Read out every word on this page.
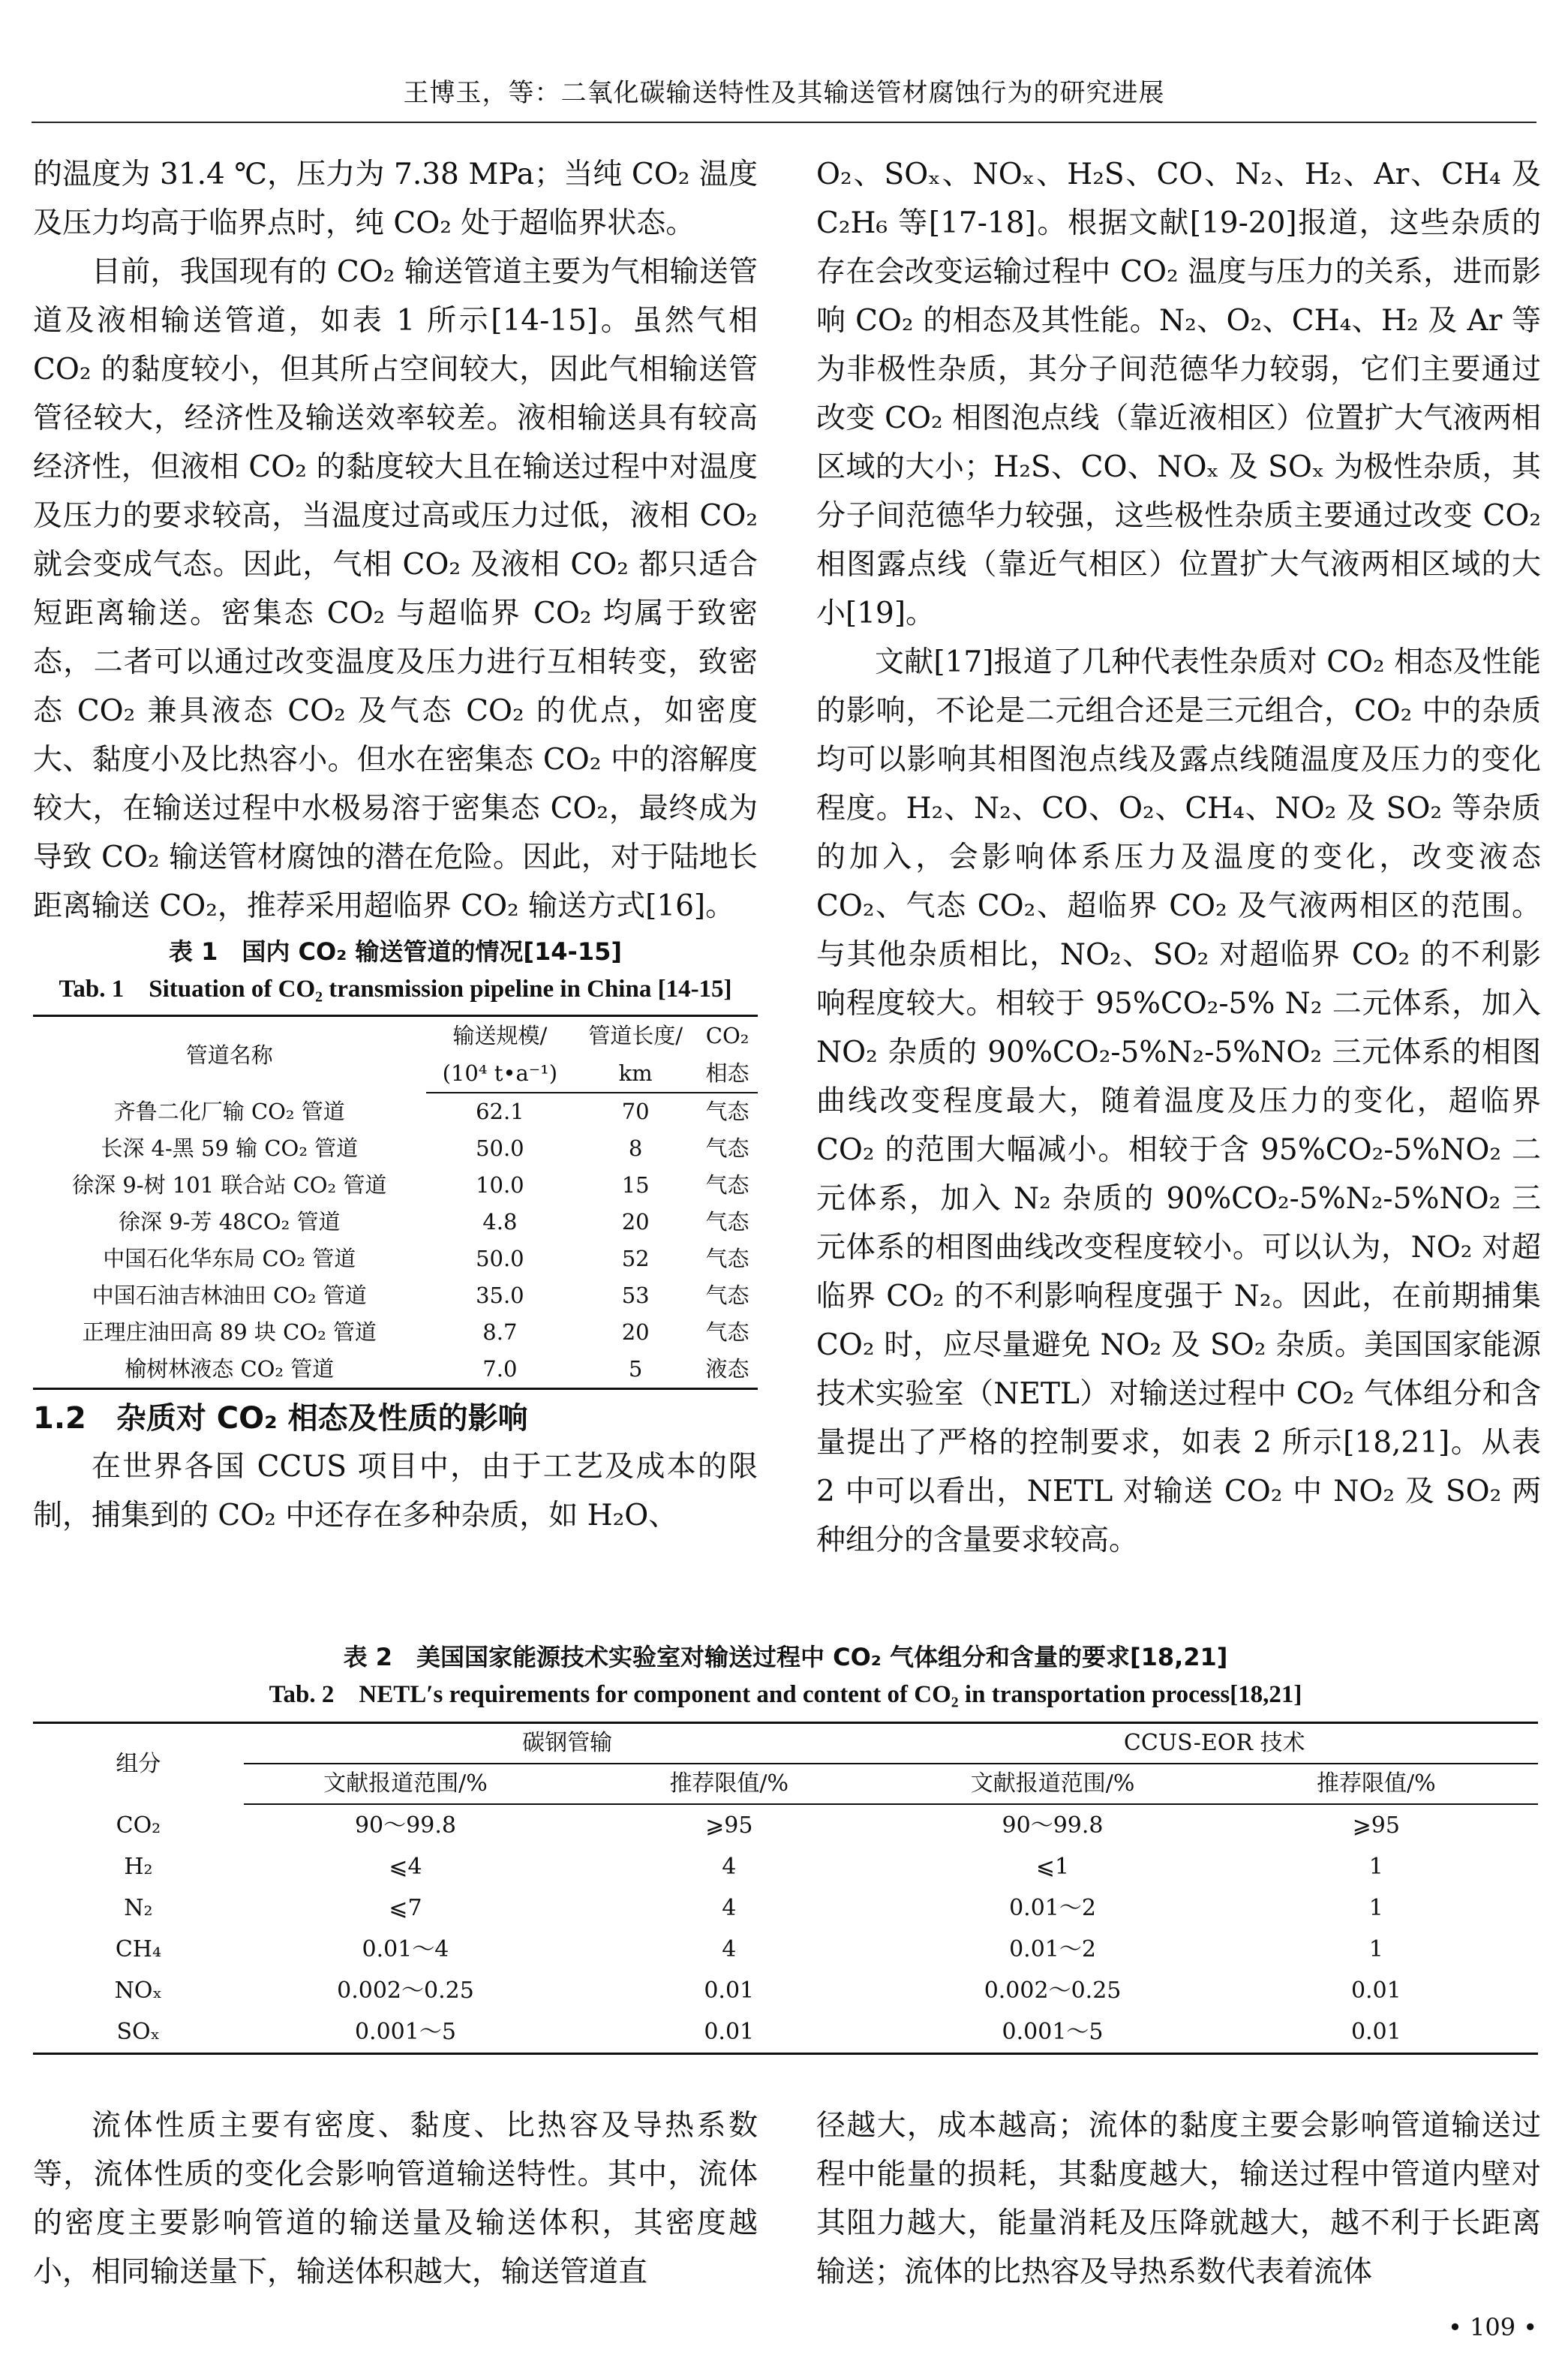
王博玉，等：二氧化碳输送特性及其输送管材腐蚀行为的研究进展

的温度为 31.4 ℃，压力为 7.38 MPa；当纯 CO₂ 温度及压力均高于临界点时，纯 CO₂ 处于超临界状态。

目前，我国现有的 CO₂ 输送管道主要为气相输送管道及液相输送管道，如表 1 所示[14-15]。虽然气相 CO₂ 的黏度较小，但其所占空间较大，因此气相输送管管径较大，经济性及输送效率较差。液相输送具有较高经济性，但液相 CO₂ 的黏度较大且在输送过程中对温度及压力的要求较高，当温度过高或压力过低，液相 CO₂ 就会变成气态。因此，气相 CO₂ 及液相 CO₂ 都只适合短距离输送。密集态 CO₂ 与超临界 CO₂ 均属于致密态，二者可以通过改变温度及压力进行互相转变，致密态 CO₂ 兼具液态 CO₂ 及气态 CO₂ 的优点，如密度大、黏度小及比热容小。但水在密集态 CO₂ 中的溶解度较大，在输送过程中水极易溶于密集态 CO₂，最终成为导致 CO₂ 输送管材腐蚀的潜在危险。因此，对于陆地长距离输送 CO₂，推荐采用超临界 CO₂ 输送方式[16]。

表 1　国内 CO₂ 输送管道的情况[14-15]
Tab. 1　Situation of CO₂ transmission pipeline in China [14-15]
管道名称	输送规模/	管道长度/	CO₂
	(10⁴ t•a⁻¹)	km	相态
齐鲁二化厂输 CO₂ 管道	62.1	70	气态
长深 4-黑 59 输 CO₂ 管道	50.0	8	气态
徐深 9-树 101 联合站 CO₂ 管道	10.0	15	气态
徐深 9-芳 48CO₂ 管道	4.8	20	气态
中国石化华东局 CO₂ 管道	50.0	52	气态
中国石油吉林油田 CO₂ 管道	35.0	53	气态
正理庄油田高 89 块 CO₂ 管道	8.7	20	气态
榆树林液态 CO₂ 管道	7.0	5	液态
1.2　杂质对 CO₂ 相态及性质的影响

在世界各国 CCUS 项目中，由于工艺及成本的限制，捕集到的 CO₂ 中还存在多种杂质，如 H₂O、

O₂、SOₓ、NOₓ、H₂S、CO、N₂、H₂、Ar、CH₄ 及 C₂H₆ 等[17-18]。根据文献[19-20]报道，这些杂质的存在会改变运输过程中 CO₂ 温度与压力的关系，进而影响 CO₂ 的相态及其性能。N₂、O₂、CH₄、H₂ 及 Ar 等为非极性杂质，其分子间范德华力较弱，它们主要通过改变 CO₂ 相图泡点线（靠近液相区）位置扩大气液两相区域的大小；H₂S、CO、NOₓ 及 SOₓ 为极性杂质，其分子间范德华力较强，这些极性杂质主要通过改变 CO₂ 相图露点线（靠近气相区）位置扩大气液两相区域的大小[19]。

文献[17]报道了几种代表性杂质对 CO₂ 相态及性能的影响，不论是二元组合还是三元组合，CO₂ 中的杂质均可以影响其相图泡点线及露点线随温度及压力的变化程度。H₂、N₂、CO、O₂、CH₄、NO₂ 及 SO₂ 等杂质的加入，会影响体系压力及温度的变化，改变液态 CO₂、气态 CO₂、超临界 CO₂ 及气液两相区的范围。与其他杂质相比，NO₂、SO₂ 对超临界 CO₂ 的不利影响程度较大。相较于 95%CO₂-5% N₂ 二元体系，加入 NO₂ 杂质的 90%CO₂-5%N₂-5%NO₂ 三元体系的相图曲线改变程度最大，随着温度及压力的变化，超临界 CO₂ 的范围大幅减小。相较于含 95%CO₂-5%NO₂ 二元体系，加入 N₂ 杂质的 90%CO₂-5%N₂-5%NO₂ 三元体系的相图曲线改变程度较小。可以认为，NO₂ 对超临界 CO₂ 的不利影响程度强于 N₂。因此，在前期捕集 CO₂ 时，应尽量避免 NO₂ 及 SO₂ 杂质。美国国家能源技术实验室（NETL）对输送过程中 CO₂ 气体组分和含量提出了严格的控制要求，如表 2 所示[18,21]。从表 2 中可以看出，NETL 对输送 CO₂ 中 NO₂ 及 SO₂ 两种组分的含量要求较高。

表 2　美国国家能源技术实验室对输送过程中 CO₂ 气体组分和含量的要求[18,21]
Tab. 2　NETL′s requirements for component and content of CO₂ in transportation process[18,21]
组分	碳钢管输		CCUS-EOR 技术	
	文献报道范围/%	推荐限值/%	文献报道范围/%	推荐限值/%
CO₂	90～99.8	⩾95	90～99.8	⩾95
H₂	⩽4	4	⩽1	1
N₂	⩽7	4	0.01～2	1
CH₄	0.01～4	4	0.01～2	1
NOₓ	0.002～0.25	0.01	0.002～0.25	0.01
SOₓ	0.001～5	0.01	0.001～5	0.01

流体性质主要有密度、黏度、比热容及导热系数等，流体性质的变化会影响管道输送特性。其中，流体的密度主要影响管道的输送量及输送体积，其密度越小，相同输送量下，输送体积越大，输送管道直

径越大，成本越高；流体的黏度主要会影响管道输送过程中能量的损耗，其黏度越大，输送过程中管道内壁对其阻力越大，能量消耗及压降就越大，越不利于长距离输送；流体的比热容及导热系数代表着流体

• 109 •
